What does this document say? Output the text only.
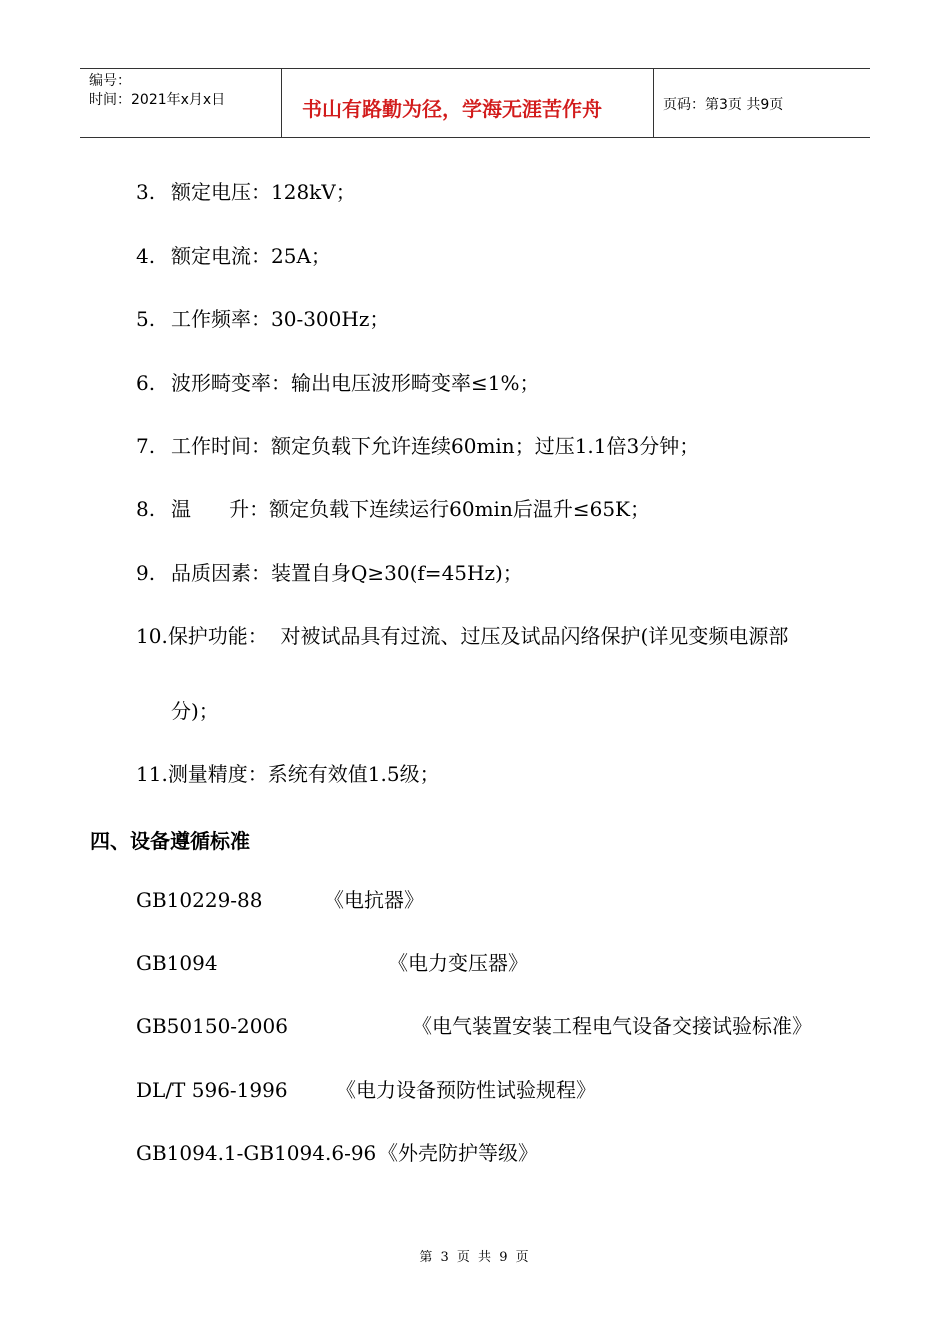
编号：
时间：2021年x月x日	书山有路勤为径，学海无涯苦作舟	页码：第3页 共9页
3. 额定电压：128kV；
4. 额定电流：25A；
5. 工作频率：30-300Hz；
6. 波形畸变率：输出电压波形畸变率≤1%；
7. 工作时间：额定负载下允许连续60min；过压1.1倍3分钟；
8. 温      升：额定负载下连续运行60min后温升≤65K；
9. 品质因素：装置自身Q≥30(f=45Hz)；
10.保护功能：  对被试品具有过流、过压及试品闪络保护(详见变频电源部
分)；
11.测量精度：系统有效值1.5级；
四、设备遵循标准
GB10229-88	《电抗器》
GB1094	《电力变压器》
GB50150-2006	《电气装置安装工程电气设备交接试验标准》
DL/T 596-1996 《电力设备预防性试验规程》
GB1094.1-GB1094.6-96 《外壳防护等级》
第 3 页 共 9 页
